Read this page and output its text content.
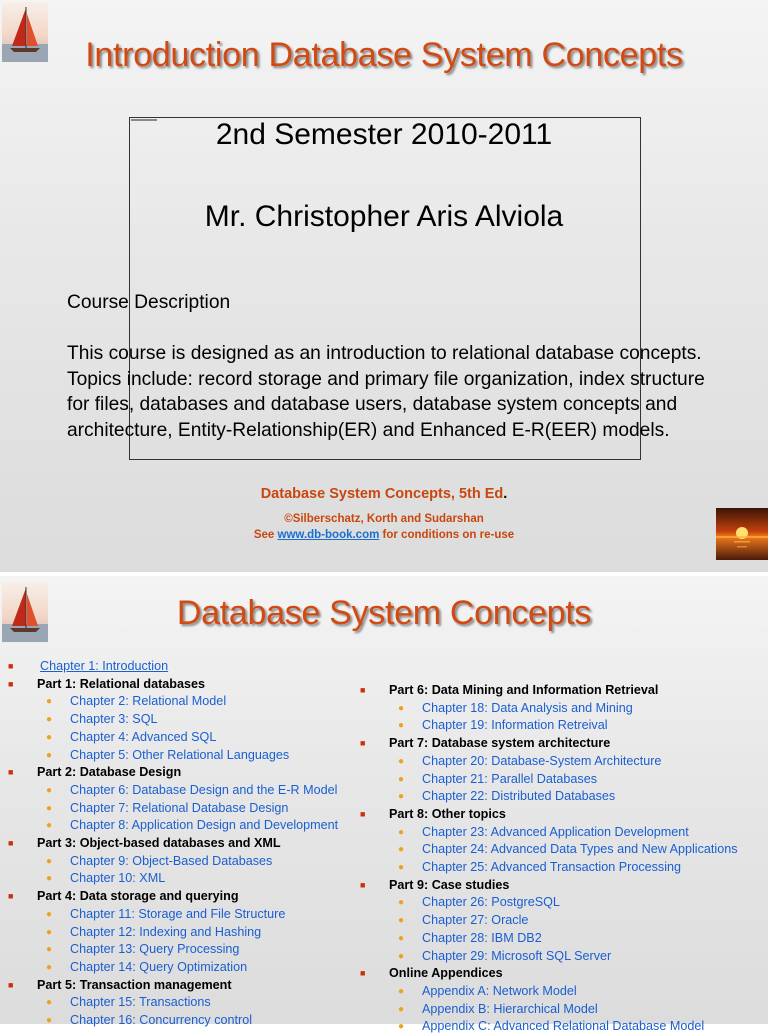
Introduction Database System Concepts
2nd Semester 2010-2011
Mr. Christopher Aris Alviola
Course Description
This course is designed as an introduction to relational database concepts. Topics include: record storage and primary file organization, index structure for files, databases and database users, database system concepts and architecture, Entity-Relationship(ER) and Enhanced E-R(EER) models.
Database System Concepts, 5th Ed.
©Silberschatz, Korth and Sudarshan
See www.db-book.com for conditions on re-use
Database System Concepts
■ Chapter 1: Introduction
■ Part 1: Relational databases
● Chapter 2: Relational Model
● Chapter 3: SQL
● Chapter 4: Advanced SQL
● Chapter 5: Other Relational Languages
■ Part 2: Database Design
● Chapter 6: Database Design and the E-R Model
● Chapter 7: Relational Database Design
● Chapter 8: Application Design and Development
■ Part 3: Object-based databases and XML
● Chapter 9: Object-Based Databases
● Chapter 10: XML
■ Part 4: Data storage and querying
● Chapter 11: Storage and File Structure
● Chapter 12: Indexing and Hashing
● Chapter 13: Query Processing
● Chapter 14: Query Optimization
■ Part 5: Transaction management
● Chapter 15: Transactions
● Chapter 16: Concurrency control
■ Part 6: Data Mining and Information Retrieval
● Chapter 18: Data Analysis and Mining
● Chapter 19: Information Retreival
■ Part 7: Database system architecture
● Chapter 20: Database-System Architecture
● Chapter 21: Parallel Databases
● Chapter 22: Distributed Databases
■ Part 8: Other topics
● Chapter 23: Advanced Application Development
● Chapter 24: Advanced Data Types and New Applications
● Chapter 25: Advanced Transaction Processing
■ Part 9: Case studies
● Chapter 26: PostgreSQL
● Chapter 27: Oracle
● Chapter 28: IBM DB2
● Chapter 29: Microsoft SQL Server
■ Online Appendices
● Appendix A: Network Model
● Appendix B: Hierarchical Model
● Appendix C: Advanced Relational Database Model
